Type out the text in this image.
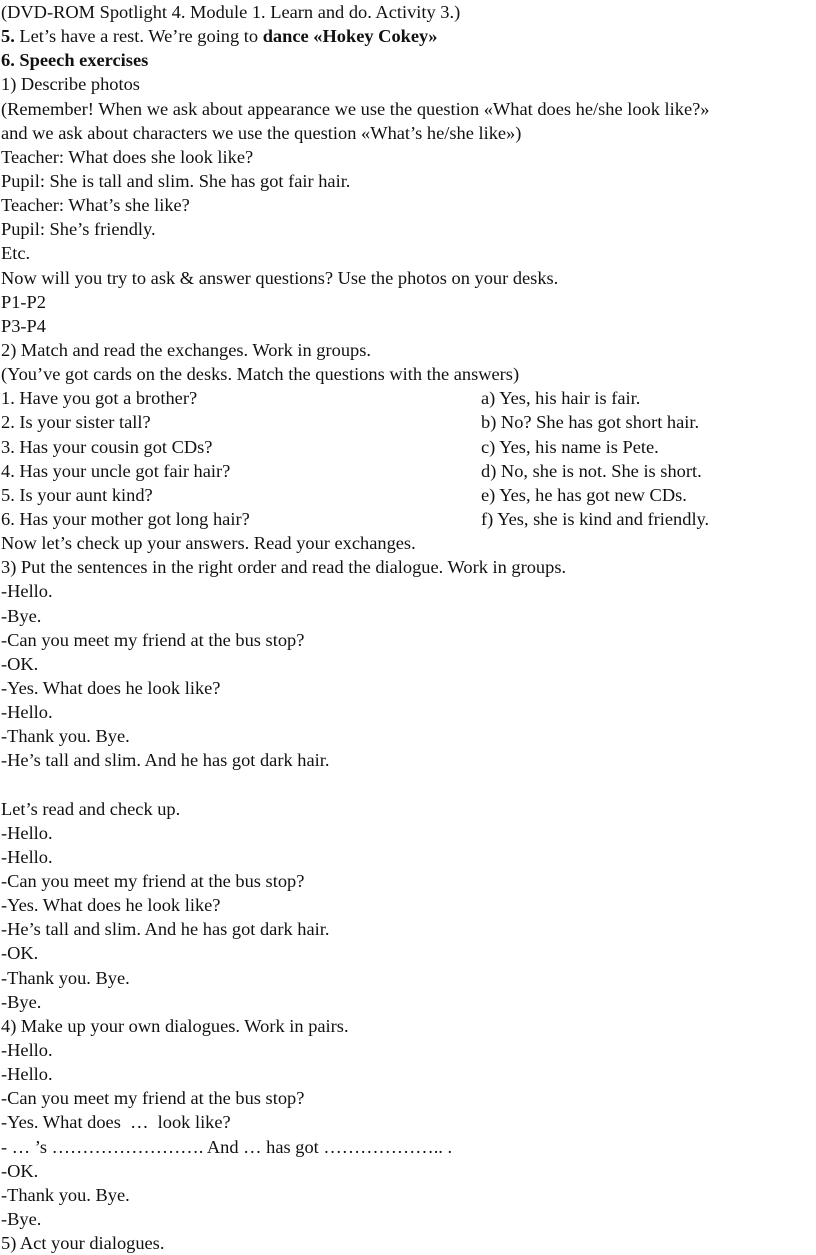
(DVD-ROM Spotlight 4. Module 1. Learn and do. Activity 3.)
5. Let’s have a rest. We’re going to dance «Hokey Cokey»
6. Speech exercises
1) Describe photos
(Remember! When we ask about appearance we use the question «What does he/she look like?»
and we ask about characters we use the question «What’s he/she like»)
Teacher: What does she look like?
Pupil: She is tall and slim. She has got fair hair.
Teacher: What’s she like?
Pupil: She’s friendly.
Etc.
Now will you try to ask & answer questions? Use the photos on your desks.
P1-P2
P3-P4
2) Match and read the exchanges. Work in groups.
(You’ve got cards on the desks. Match the questions with the answers)
1. Have you got a brother?	a) Yes, his hair is fair.
2. Is your sister tall?	b) No? She has got short hair.
3. Has your cousin got CDs?	c) Yes, his name is Pete.
4. Has your uncle got fair hair?	d) No, she is not. She is short.
5. Is your aunt kind?	e) Yes, he has got new CDs.
6. Has your mother got long hair?	f) Yes, she is kind and friendly.
Now let’s check up your answers. Read your exchanges.
3) Put the sentences in the right order and read the dialogue. Work in groups.
-Hello.
-Bye.
-Can you meet my friend at the bus stop?
-OK.
-Yes. What does he look like?
-Hello.
-Thank you. Bye.
-He’s tall and slim. And he has got dark hair.
Let’s read and check up.
-Hello.
-Hello.
-Can you meet my friend at the bus stop?
-Yes. What does he look like?
-He’s tall and slim. And he has got dark hair.
-OK.
-Thank you. Bye.
-Bye.
4) Make up your own dialogues. Work in pairs.
-Hello.
-Hello.
-Can you meet my friend at the bus stop?
-Yes. What does  …  look like?
- … ’s ……………………. And … has got ……………….. .
-OK.
-Thank you. Bye.
-Bye.
5) Act your dialogues.
